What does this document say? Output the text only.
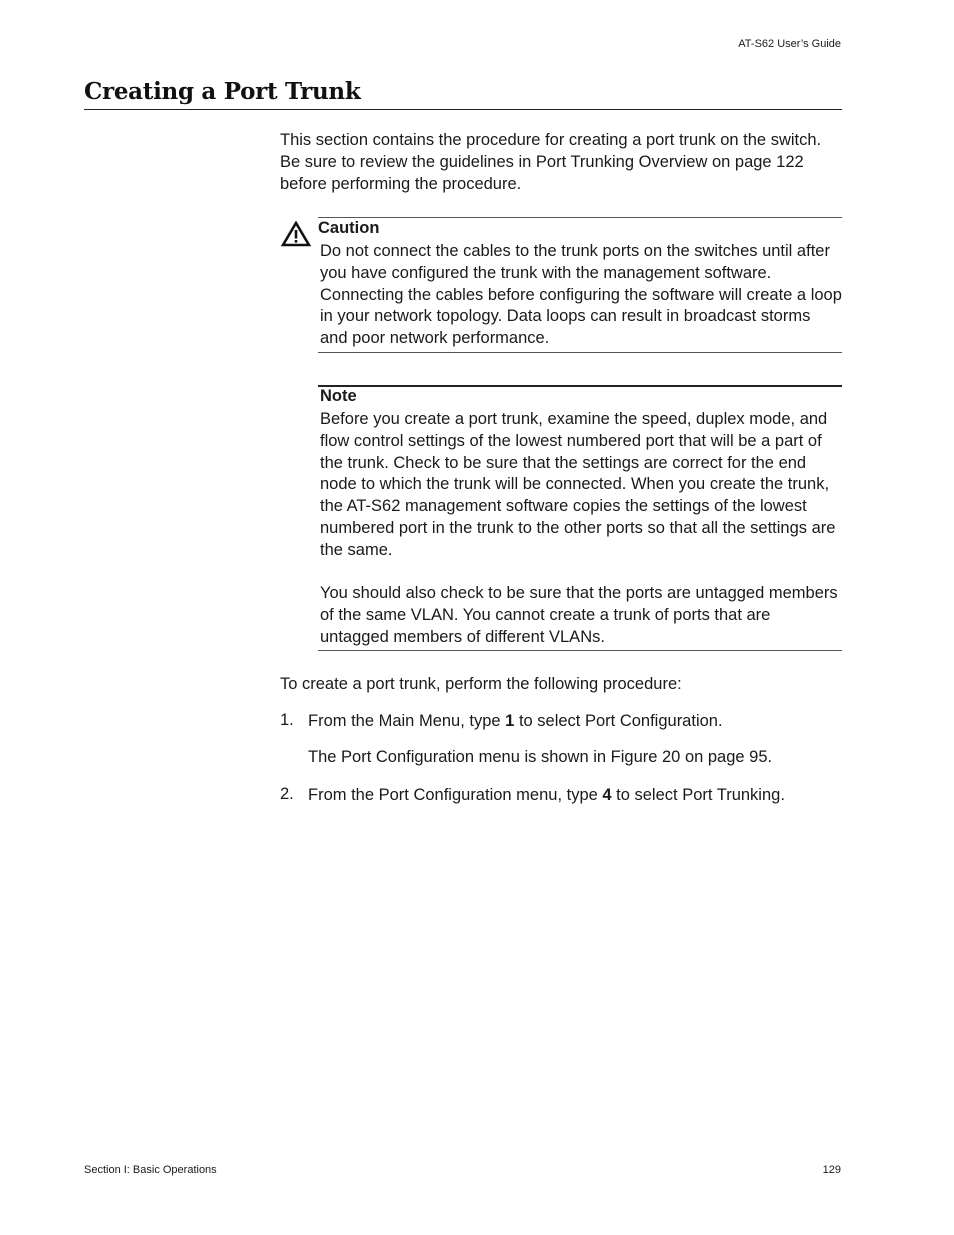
AT-S62 User’s Guide
Creating a Port Trunk
This section contains the procedure for creating a port trunk on the switch. Be sure to review the guidelines in Port Trunking Overview on page 122 before performing the procedure.
Caution
Do not connect the cables to the trunk ports on the switches until after you have configured the trunk with the management software. Connecting the cables before configuring the software will create a loop in your network topology. Data loops can result in broadcast storms and poor network performance.
Note

Before you create a port trunk, examine the speed, duplex mode, and flow control settings of the lowest numbered port that will be a part of the trunk. Check to be sure that the settings are correct for the end node to which the trunk will be connected. When you create the trunk, the AT-S62 management software copies the settings of the lowest numbered port in the trunk to the other ports so that all the settings are the same.

You should also check to be sure that the ports are untagged members of the same VLAN. You cannot create a trunk of ports that are untagged members of different VLANs.

To create a port trunk, perform the following procedure:
1. From the Main Menu, type 1 to select Port Configuration.
The Port Configuration menu is shown in Figure 20 on page 95.
2. From the Port Configuration menu, type 4 to select Port Trunking.
Section I: Basic Operations	129
